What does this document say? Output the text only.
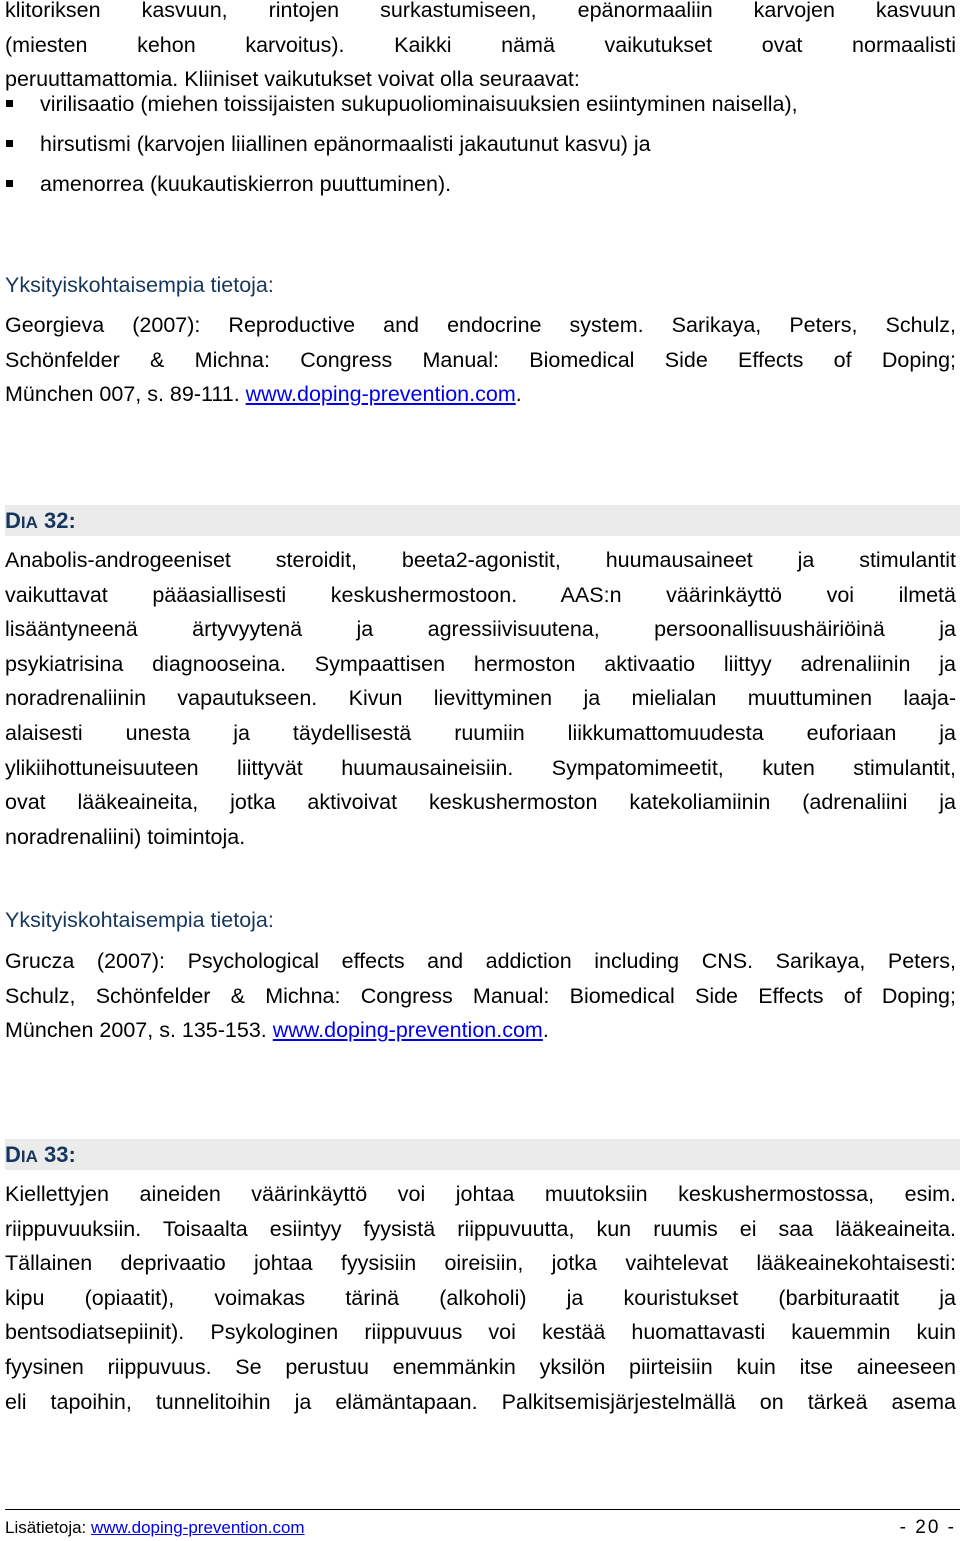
klitoriksen kasvuun, rintojen surkastumiseen, epänormaaliin karvojen kasvuun
(miesten kehon karvoitus). Kaikki nämä vaikutukset ovat normaalisti
peruuttamattomia. Kliiniset vaikutukset voivat olla seuraavat:
virilisaatio (miehen toissijaisten sukupuoliominaisuuksien esiintyminen naisella),
hirsutismi (karvojen liiallinen epänormaalisti jakautunut kasvu) ja
amenorrea (kuukautiskierron puuttuminen).
Yksityiskohtaisempia tietoja:
Georgieva (2007): Reproductive and endocrine system. Sarikaya, Peters, Schulz,
Schönfelder & Michna: Congress Manual: Biomedical Side Effects of Doping;
München 007, s. 89-111. www.doping-prevention.com.
DIA 32:
Anabolis-androgeeniset steroidit, beeta2-agonistit, huumausaineet ja stimulantit
vaikuttavat pääasiallisesti keskushermostoon. AAS:n väärinkäyttö voi ilmetä
lisääntyneenä ärtyvyytenä ja agressiivisuutena, persoonallisuushäiriöinä ja
psykiatrisina diagnooseina. Sympaattisen hermoston aktivaatio liittyy adrenaliinin ja
noradrenaliinin vapautukseen. Kivun lievittyminen ja mielialan muuttuminen laaja-
alaisesti unesta ja täydellisestä ruumiin liikkumattomuudesta euforiaan ja
ylikiihottuneisuuteen liittyvät huumausaineisiin. Sympatomimeetit, kuten stimulantit,
ovat lääkeaineita, jotka aktivoivat keskushermoston katekoliamiinin (adrenaliini ja
noradrenaliini) toimintoja.
Yksityiskohtaisempia tietoja:
Grucza (2007): Psychological effects and addiction including CNS. Sarikaya, Peters,
Schulz, Schönfelder & Michna: Congress Manual: Biomedical Side Effects of Doping;
München 2007, s. 135-153. www.doping-prevention.com.
DIA 33:
Kiellettyjen aineiden väärinkäyttö voi johtaa muutoksiin keskushermostossa, esim.
riippuvuuksiin. Toisaalta esiintyy fyysistä riippuvuutta, kun ruumis ei saa lääkeaineita.
Tällainen deprivaatio johtaa fyysisiin oireisiin, jotka vaihtelevat lääkeainekohtaisesti:
kipu (opiaatit), voimakas tärinä (alkoholi) ja kouristukset (barbituraatit ja
bentsodiatsepiinit). Psykologinen riippuvuus voi kestää huomattavasti kauemmin kuin
fyysinen riippuvuus. Se perustuu enemmänkin yksilön piirteisiin kuin itse aineeseen
eli tapoihin, tunnelitoihin ja elämäntapaan. Palkitsemisjärjestelmällä on tärkeä asema
Lisätietoja: www.doping-prevention.com	- 20 -
